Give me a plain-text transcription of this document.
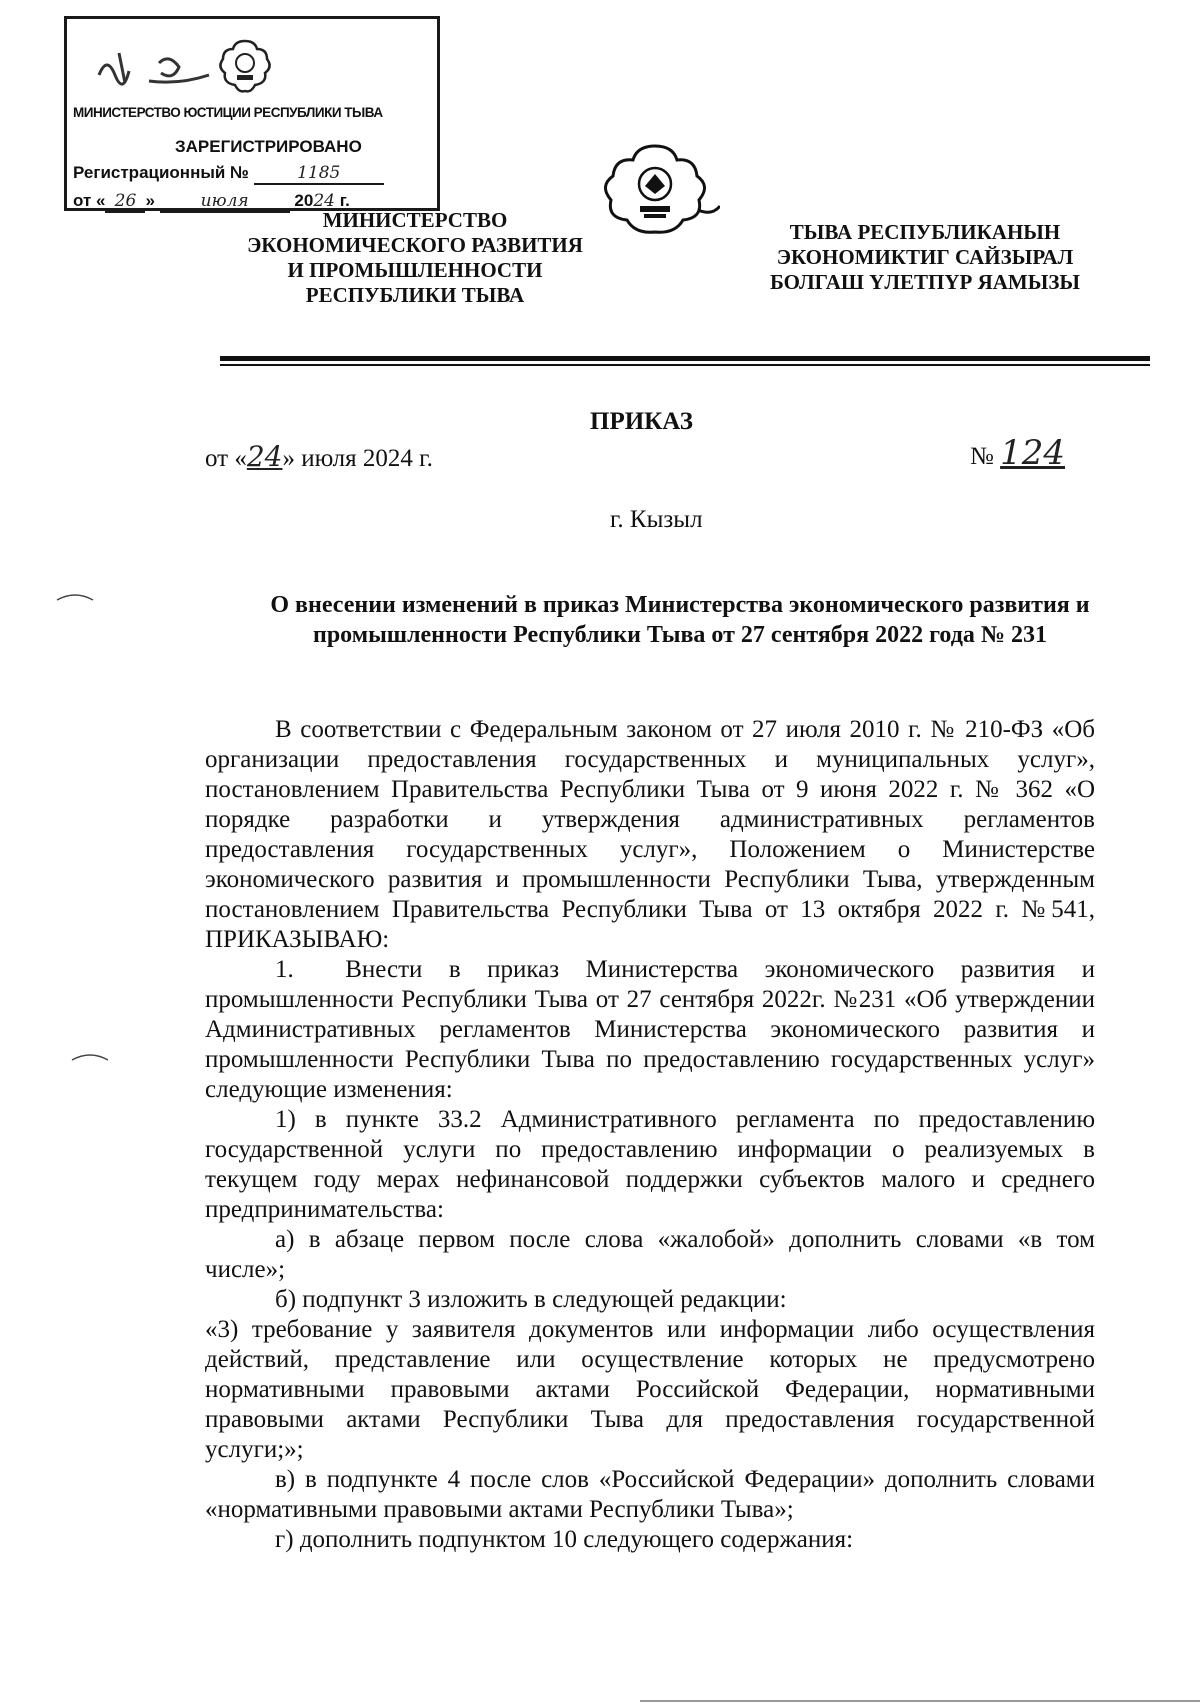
МИНИСТЕРСТВО ЮСТИЦИИ РЕСПУБЛИКИ ТЫВА
ЗАРЕГИСТРИРОВАНО
Регистрационный №	1185
от « 26 »	июля	2024 г.
МИНИСТЕРСТВО
ЭКОНОМИЧЕСКОГО РАЗВИТИЯ
И ПРОМЫШЛЕННОСТИ
РЕСПУБЛИКИ ТЫВА
ТЫВА РЕСПУБЛИКАНЫН
ЭКОНОМИКТИГ САЙЗЫРАЛ
БОЛГАШ ҮЛЕТПҮР ЯАМЫЗЫ
ПРИКАЗ
от «24» июля 2024 г.	№ 124
г. Кызыл
О внесении изменений в приказ Министерства экономического развития и промышленности Республики Тыва от 27 сентября 2022 года № 231

В соответствии с Федеральным законом от 27 июля 2010 г. № 210-ФЗ «Об организации предоставления государственных и муниципальных услуг», постановлением Правительства Республики Тыва от 9 июня 2022 г. № 362 «О порядке разработки и утверждения административных регламентов предоставления государственных услуг», Положением о Министерстве экономического развития и промышленности Республики Тыва, утвержденным постановлением Правительства Республики Тыва от 13 октября 2022 г. №541, ПРИКАЗЫВАЮ:

1.  Внести в приказ Министерства экономического развития и промышленности Республики Тыва от 27 сентября 2022г. №231 «Об утверждении Административных регламентов Министерства экономического развития и промышленности Республики Тыва по предоставлению государственных услуг» следующие изменения:

1) в пункте 33.2 Административного регламента по предоставлению государственной услуги по предоставлению информации о реализуемых в текущем году мерах нефинансовой поддержки субъектов малого и среднего предпринимательства:

а) в абзаце первом после слова «жалобой» дополнить словами «в том числе»;

б) подпункт 3 изложить в следующей редакции:

«3) требование у заявителя документов или информации либо осуществления действий, представление или осуществление которых не предусмотрено нормативными правовыми актами Российской Федерации, нормативными правовыми актами Республики Тыва для предоставления государственной услуги;»;

в) в подпункте 4 после слов «Российской Федерации» дополнить словами «нормативными правовыми актами Республики Тыва»;

г) дополнить подпунктом 10 следующего содержания:
